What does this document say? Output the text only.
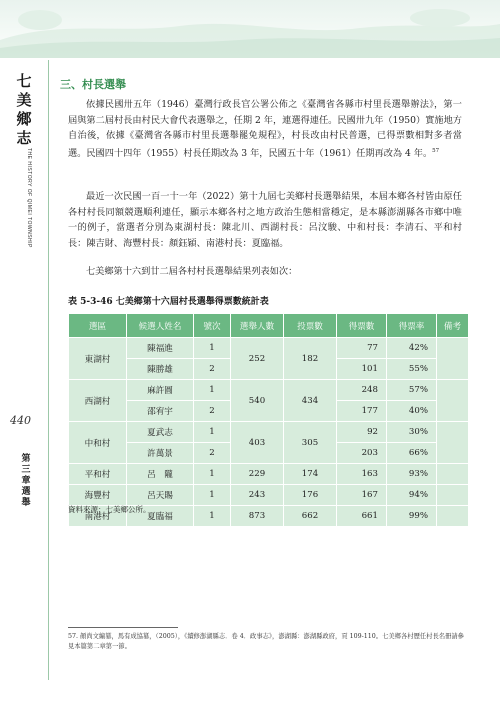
七美鄉志
THE HISTORY OF QIMEI TOWNSHIP
440
第三章 選舉
三、村長選舉

依據民國卅五年（1946）臺灣行政長官公署公佈之《臺灣省各縣市村里長選舉辦法》，第一屆與第二屆村長由村民大會代表選舉之，任期 2 年，連選得連任。民國卅九年（1950）實施地方自治後，依據《臺灣省各縣市村里長選舉罷免規程》，村長改由村民普選，已得票數相對多者當選。民國四十四年（1955）村長任期改為 3 年，民國五十年（1961）任期再改為 4 年。$^{57}$

最近一次民國一百一十一年（2022）第十九屆七美鄉村長選舉結果，本屆本鄉各村皆由原任各村村長同額競選順利連任，顯示本鄉各村之地方政治生態相當穩定，是本縣澎湖縣各市鄉中唯一的例子，當選者分別為東湖村長：陳北川、西湖村長：呂汶駿、中和村長：李清石、平和村長：陳吉財、海豐村長：顏鈺穎、南港村長：夏臨福。

七美鄉第十六到廿二屆各村村長選舉結果列表如次：

表 5-3-46 七美鄉第十六屆村長選舉得票數統計表
選區	候選人姓名	號次	選舉人數	投票數	得票數	得票率	備考
東湖村	陳福進	1	252	182	77	42%	
	陳勝雄	2			101	55%	
西湖村	麻許圓	1	540	434	248	57%	
	邵宥宇	2			177	40%	
中和村	夏武志	1	403	305	92	30%	
	許萬景	2			203	66%	
平和村	呂　隴	1	229	174	163	93%	
海豐村	呂天賜	1	243	176	167	94%	
南港村	夏臨福	1	873	662	661	99%	
資料來源：七美鄉公所。

57. 顏尚文編纂，馬有成協纂，（2005），《續修澎湖縣志．卷 4．政事志》，澎湖縣：澎湖縣政府，頁 109-110。七美鄉各村歷任村長名冊請參見本篇第二章第一節。
